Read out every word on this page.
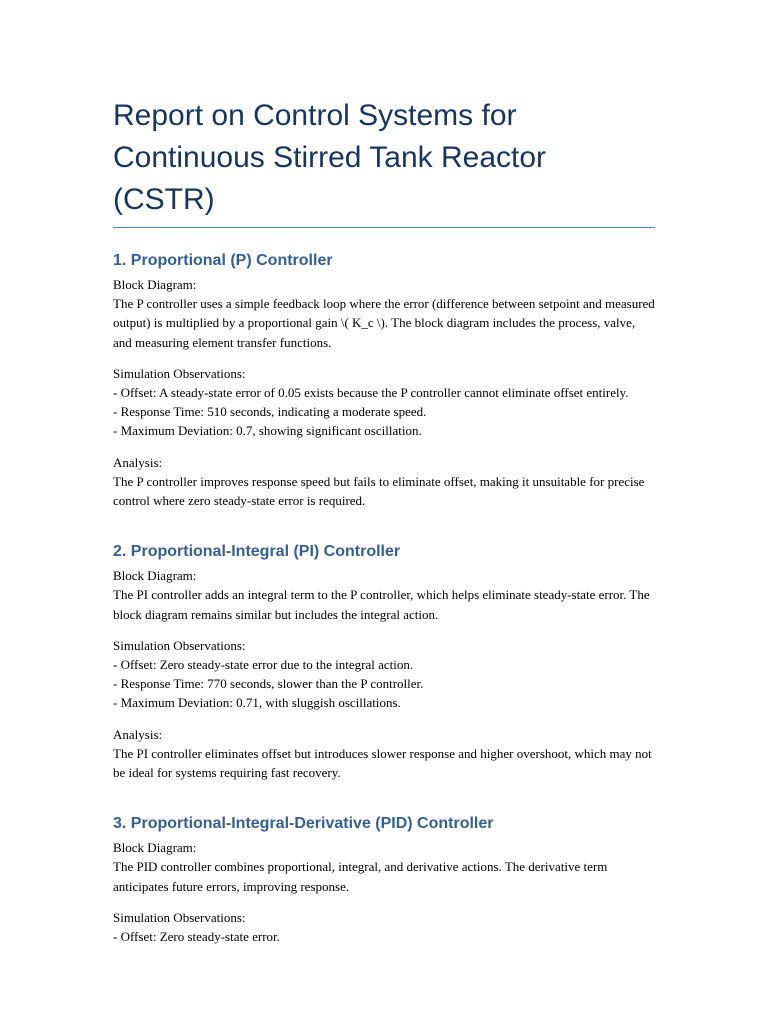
Report on Control Systems for Continuous Stirred Tank Reactor (CSTR)
1. Proportional (P) Controller

Block Diagram:
The P controller uses a simple feedback loop where the error (difference between setpoint and measured output) is multiplied by a proportional gain \( K_c \). The block diagram includes the process, valve, and measuring element transfer functions.

Simulation Observations:
- Offset: A steady-state error of 0.05 exists because the P controller cannot eliminate offset entirely.
- Response Time: 510 seconds, indicating a moderate speed.
- Maximum Deviation: 0.7, showing significant oscillation.

Analysis:
The P controller improves response speed but fails to eliminate offset, making it unsuitable for precise control where zero steady-state error is required.

2. Proportional-Integral (PI) Controller

Block Diagram:
The PI controller adds an integral term to the P controller, which helps eliminate steady-state error. The block diagram remains similar but includes the integral action.

Simulation Observations:
- Offset: Zero steady-state error due to the integral action.
- Response Time: 770 seconds, slower than the P controller.
- Maximum Deviation: 0.71, with sluggish oscillations.

Analysis:
The PI controller eliminates offset but introduces slower response and higher overshoot, which may not be ideal for systems requiring fast recovery.

3. Proportional-Integral-Derivative (PID) Controller

Block Diagram:
The PID controller combines proportional, integral, and derivative actions. The derivative term anticipates future errors, improving response.

Simulation Observations:
- Offset: Zero steady-state error.
